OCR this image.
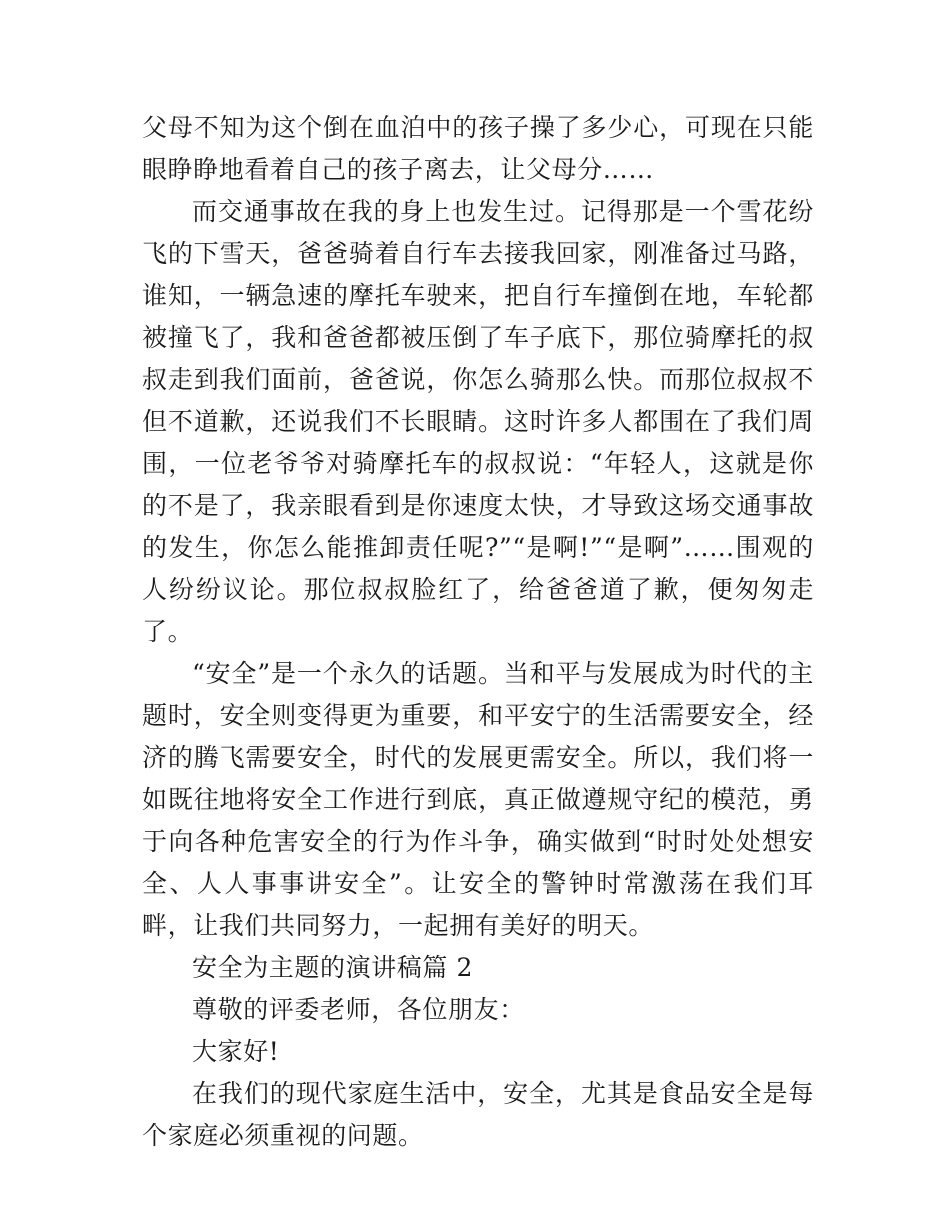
父母不知为这个倒在血泊中的孩子操了多少心，可现在只能眼睁睁地看着自己的孩子离去，让父母分……

而交通事故在我的身上也发生过。记得那是一个雪花纷飞的下雪天，爸爸骑着自行车去接我回家，刚准备过马路，谁知，一辆急速的摩托车驶来，把自行车撞倒在地，车轮都被撞飞了，我和爸爸都被压倒了车子底下，那位骑摩托的叔叔走到我们面前，爸爸说，你怎么骑那么快。而那位叔叔不但不道歉，还说我们不长眼睛。这时许多人都围在了我们周围，一位老爷爷对骑摩托车的叔叔说：“年轻人，这就是你的不是了，我亲眼看到是你速度太快，才导致这场交通事故的发生，你怎么能推卸责任呢?”“是啊!”“是啊”……围观的人纷纷议论。那位叔叔脸红了，给爸爸道了歉，便匆匆走了。

“安全”是一个永久的话题。当和平与发展成为时代的主题时，安全则变得更为重要，和平安宁的生活需要安全，经济的腾飞需要安全，时代的发展更需安全。所以，我们将一如既往地将安全工作进行到底，真正做遵规守纪的模范，勇于向各种危害安全的行为作斗争，确实做到“时时处处想安全、人人事事讲安全”。让安全的警钟时常激荡在我们耳畔，让我们共同努力，一起拥有美好的明天。

安全为主题的演讲稿篇 2

尊敬的评委老师，各位朋友：

大家好!

在我们的现代家庭生活中，安全，尤其是食品安全是每个家庭必须重视的问题。
